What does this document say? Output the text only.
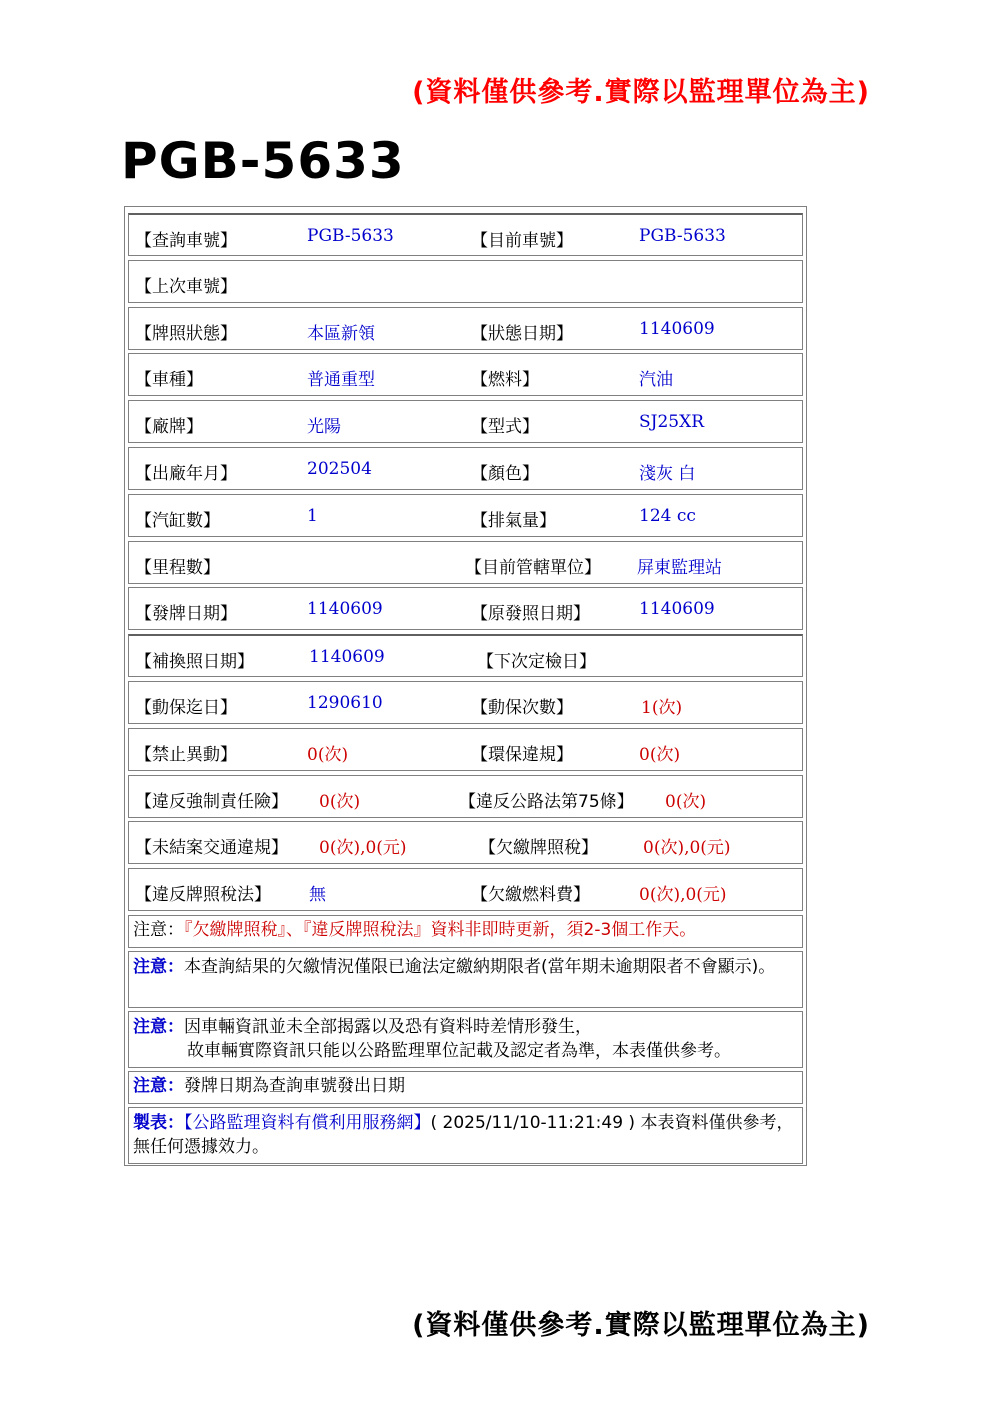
(資料僅供參考.實際以監理單位為主)
PGB-5633
【查詢車號】	PGB-5633	【目前車號】	PGB-5633
【上次車號】
【牌照狀態】	本區新領	【狀態日期】	1140609
【車種】	普通重型	【燃料】	汽油
【廠牌】	光陽	【型式】	SJ25XR
【出廠年月】	202504	【顏色】	淺灰 白
【汽缸數】	1	【排氣量】	124 cc
【里程數】	【目前管轄單位】 屏東監理站
【發牌日期】	1140609	【原發照日期】	1140609
【補換照日期】	1140609	【下次定檢日】
【動保迄日】	1290610	【動保次數】	1(次)
【禁止異動】	0(次)	【環保違規】	0(次)
【違反強制責任險】 0(次)	【違反公路法第75條】 0(次)
【未結案交通違規】 0(次),0(元)	【欠繳牌照稅】	0(次),0(元)
【違反牌照稅法】 無	【欠繳燃料費】	0(次),0(元)
注意：『欠繳牌照稅』、『違反牌照稅法』資料非即時更新，須2-3個工作天。
注意：本查詢結果的欠繳情況僅限已逾法定繳納期限者(當年期未逾期限者不會顯示)。
注意：因車輛資訊並未全部揭露以及恐有資料時差情形發生，
故車輛實際資訊只能以公路監理單位記載及認定者為準，本表僅供參考。
注意：發牌日期為查詢車號發出日期
製表：【公路監理資料有償利用服務網】( 2025/11/10-11:21:49 ) 本表資料僅供參考，無任何憑據效力。
(資料僅供參考.實際以監理單位為主)
